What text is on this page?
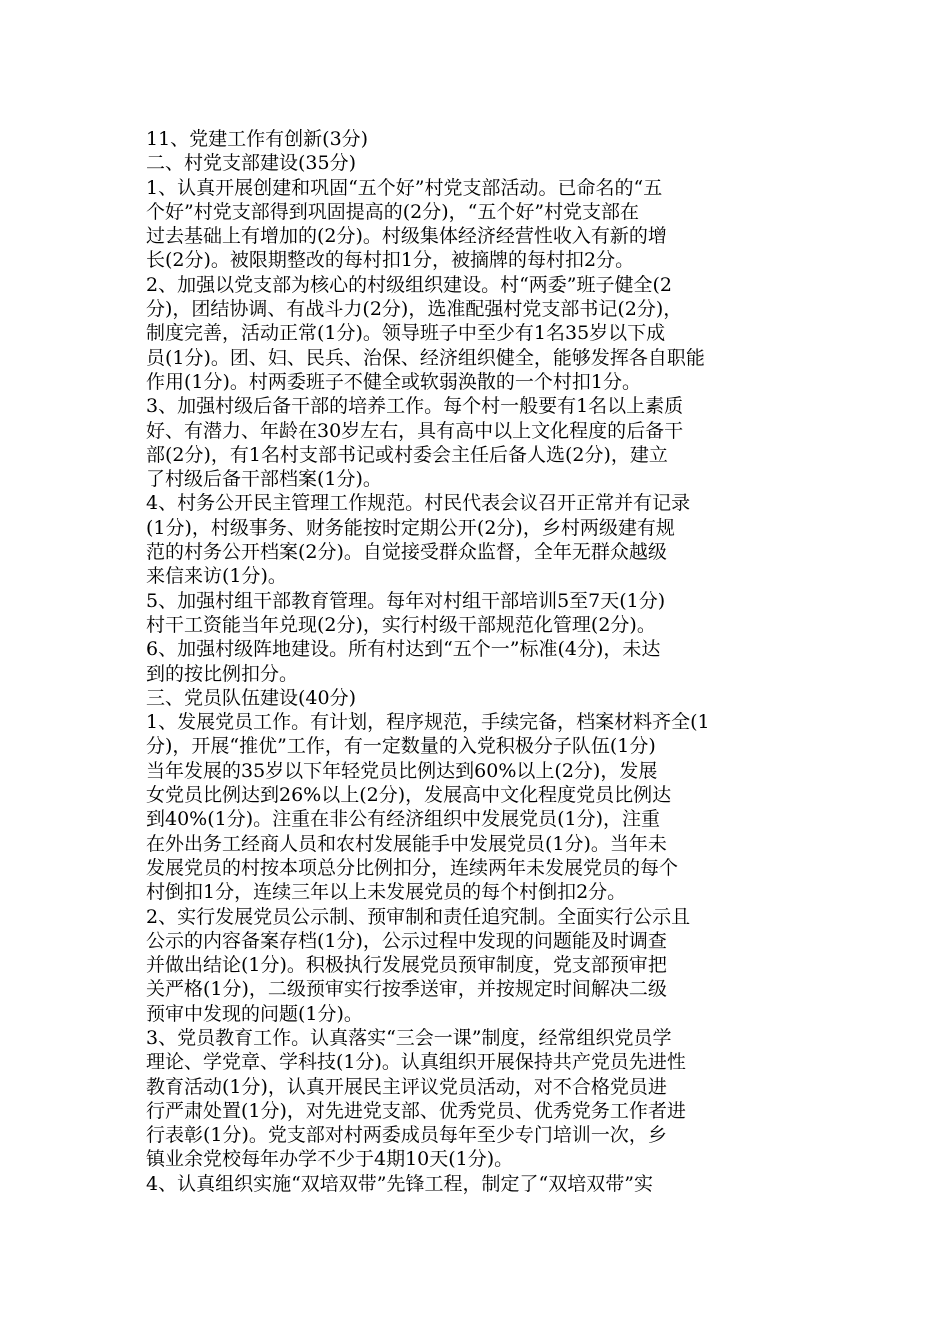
11、党建工作有创新(3分)
二、村党支部建设(35分)
1、认真开展创建和巩固“五个好”村党支部活动。已命名的“五
个好”村党支部得到巩固提高的(2分)，“五个好”村党支部在
过去基础上有增加的(2分)。村级集体经济经营性收入有新的增
长(2分)。被限期整改的每村扣1分，被摘牌的每村扣2分。
2、加强以党支部为核心的村级组织建设。村“两委”班子健全(2
分)，团结协调、有战斗力(2分)，选准配强村党支部书记(2分)，
制度完善，活动正常(1分)。领导班子中至少有1名35岁以下成
员(1分)。团、妇、民兵、治保、经济组织健全，能够发挥各自职能
作用(1分)。村两委班子不健全或软弱涣散的一个村扣1分。
3、加强村级后备干部的培养工作。每个村一般要有1名以上素质
好、有潜力、年龄在30岁左右，具有高中以上文化程度的后备干
部(2分)，有1名村支部书记或村委会主任后备人选(2分)，建立
了村级后备干部档案(1分)。
4、村务公开民主管理工作规范。村民代表会议召开正常并有记录
(1分)，村级事务、财务能按时定期公开(2分)，乡村两级建有规
范的村务公开档案(2分)。自觉接受群众监督，全年无群众越级
来信来访(1分)。
5、加强村组干部教育管理。每年对村组干部培训5至7天(1分)
村干工资能当年兑现(2分)，实行村级干部规范化管理(2分)。
6、加强村级阵地建设。所有村达到“五个一”标准(4分)，未达
到的按比例扣分。
三、党员队伍建设(40分)
1、发展党员工作。有计划，程序规范，手续完备，档案材料齐全(1
分)，开展“推优”工作，有一定数量的入党积极分子队伍(1分)
当年发展的35岁以下年轻党员比例达到60%以上(2分)，发展
女党员比例达到26%以上(2分)，发展高中文化程度党员比例达
到40%(1分)。注重在非公有经济组织中发展党员(1分)，注重
在外出务工经商人员和农村发展能手中发展党员(1分)。当年未
发展党员的村按本项总分比例扣分，连续两年未发展党员的每个
村倒扣1分，连续三年以上未发展党员的每个村倒扣2分。
2、实行发展党员公示制、预审制和责任追究制。全面实行公示且
公示的内容备案存档(1分)，公示过程中发现的问题能及时调查
并做出结论(1分)。积极执行发展党员预审制度，党支部预审把
关严格(1分)，二级预审实行按季送审，并按规定时间解决二级
预审中发现的问题(1分)。
3、党员教育工作。认真落实“三会一课”制度，经常组织党员学
理论、学党章、学科技(1分)。认真组织开展保持共产党员先进性
教育活动(1分)，认真开展民主评议党员活动，对不合格党员进
行严肃处置(1分)，对先进党支部、优秀党员、优秀党务工作者进
行表彰(1分)。党支部对村两委成员每年至少专门培训一次，乡
镇业余党校每年办学不少于4期10天(1分)。
4、认真组织实施“双培双带”先锋工程，制定了“双培双带”实
